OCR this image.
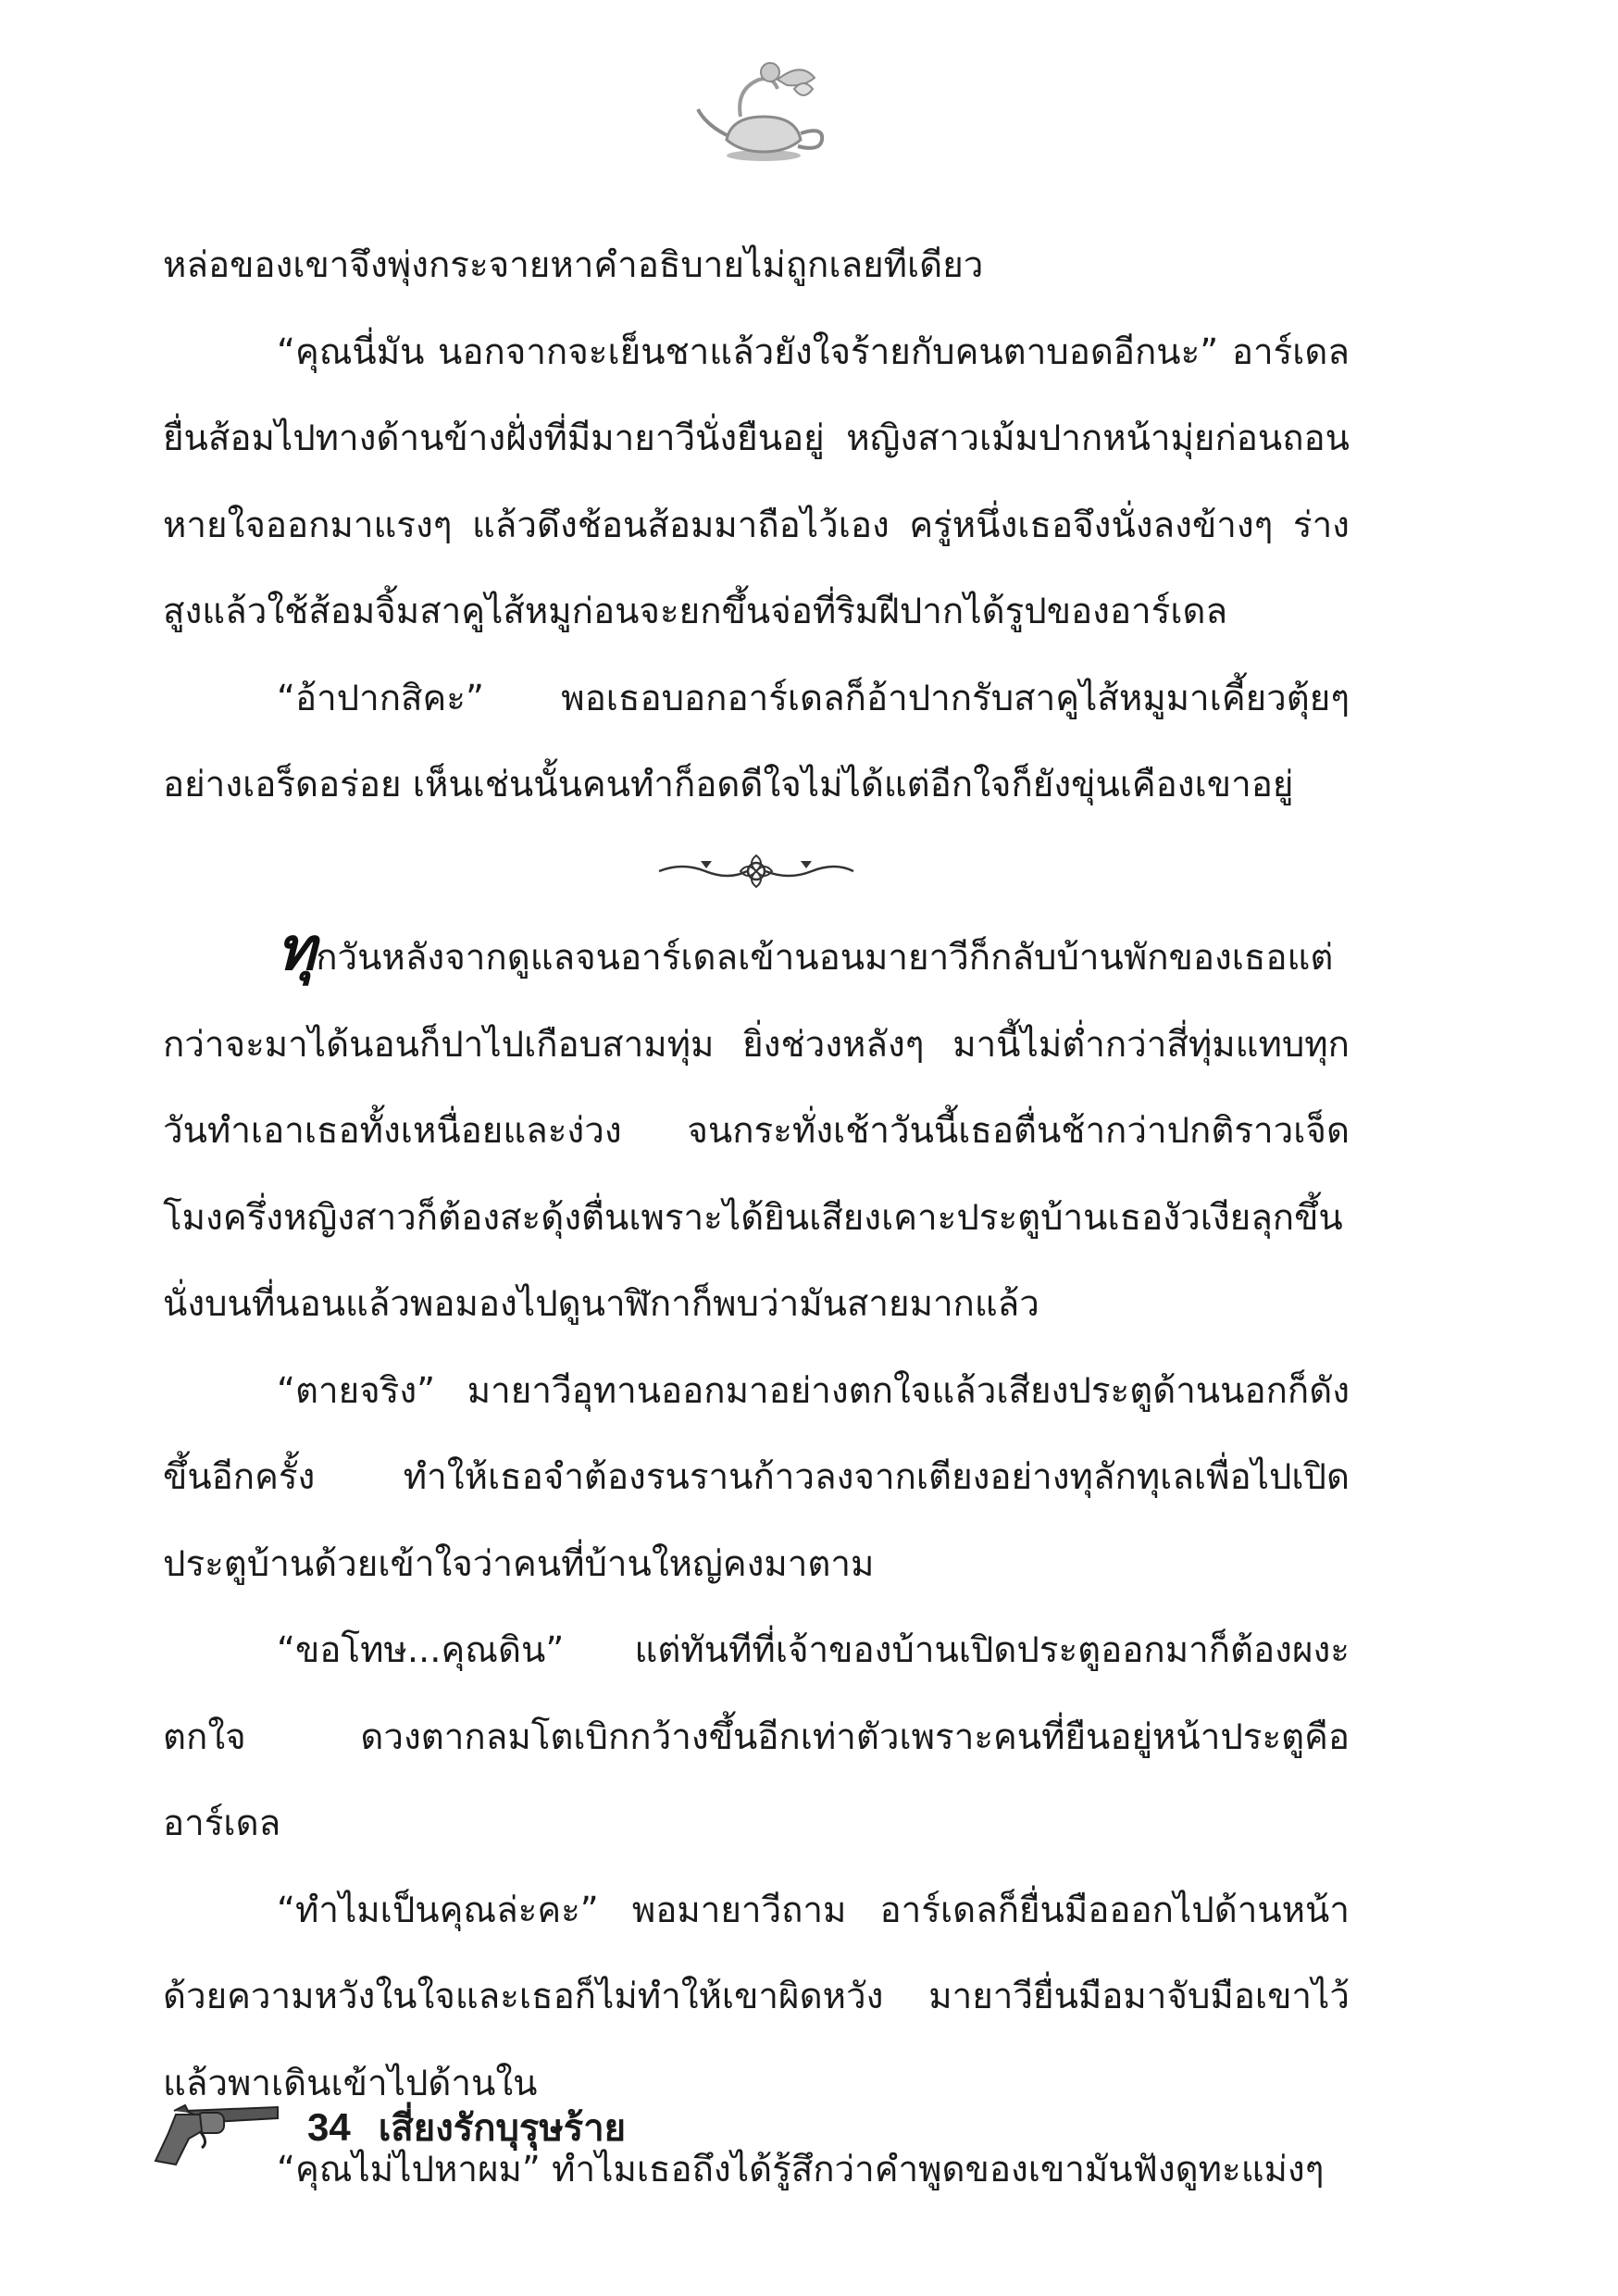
หล่อของเขาจึงพุ่งกระจายหาคำอธิบายไม่ถูกเลยทีเดียว

“คุณนี่มัน นอกจากจะเย็นชาแล้วยังใจร้ายกับคนตาบอดอีกนะ” อาร์เดลยื่นส้อมไปทางด้านข้างฝั่งที่มีมายาวีนั่งยืนอยู่ หญิงสาวเม้มปากหน้ามุ่ยก่อนถอนหายใจออกมาแรงๆ แล้วดึงช้อนส้อมมาถือไว้เอง ครู่หนึ่งเธอจึงนั่งลงข้างๆ ร่างสูงแล้วใช้ส้อมจิ้มสาคูไส้หมูก่อนจะยกขึ้นจ่อที่ริมฝีปากได้รูปของอาร์เดล

“อ้าปากสิคะ” พอเธอบอกอาร์เดลก็อ้าปากรับสาคูไส้หมูมาเคี้ยวตุ้ยๆ อย่างเอร็ดอร่อย เห็นเช่นนั้นคนทำก็อดดีใจไม่ได้แต่อีกใจก็ยังขุ่นเคืองเขาอยู่

ทุกวันหลังจากดูแลจนอาร์เดลเข้านอนมายาวีก็กลับบ้านพักของเธอแต่กว่าจะมาได้นอนก็ปาไปเกือบสามทุ่ม ยิ่งช่วงหลังๆ มานี้ไม่ต่ำกว่าสี่ทุ่มแทบทุกวันทำเอาเธอทั้งเหนื่อยและง่วง จนกระทั่งเช้าวันนี้เธอตื่นช้ากว่าปกติราวเจ็ดโมงครึ่งหญิงสาวก็ต้องสะดุ้งตื่นเพราะได้ยินเสียงเคาะประตูบ้านเธองัวเงียลุกขึ้นนั่งบนที่นอนแล้วพอมองไปดูนาฬิกาก็พบว่ามันสายมากแล้ว

“ตายจริง” มายาวีอุทานออกมาอย่างตกใจแล้วเสียงประตูด้านนอกก็ดังขึ้นอีกครั้ง ทำให้เธอจำต้องรนรานก้าวลงจากเตียงอย่างทุลักทุเลเพื่อไปเปิดประตูบ้านด้วยเข้าใจว่าคนที่บ้านใหญ่คงมาตาม

“ขอโทษ...คุณดิน” แต่ทันทีที่เจ้าของบ้านเปิดประตูออกมาก็ต้องผงะตกใจ ดวงตากลมโตเบิกกว้างขึ้นอีกเท่าตัวเพราะคนที่ยืนอยู่หน้าประตูคืออาร์เดล

“ทำไมเป็นคุณล่ะคะ” พอมายาวีถาม อาร์เดลก็ยื่นมือออกไปด้านหน้าด้วยความหวังในใจและเธอก็ไม่ทำให้เขาผิดหวัง มายาวียื่นมือมาจับมือเขาไว้แล้วพาเดินเข้าไปด้านใน

“คุณไม่ไปหาผม” ทำไมเธอถึงได้รู้สึกว่าคำพูดของเขามันฟังดูทะแม่งๆ

34 เสี่ยงรักบุรุษร้าย
